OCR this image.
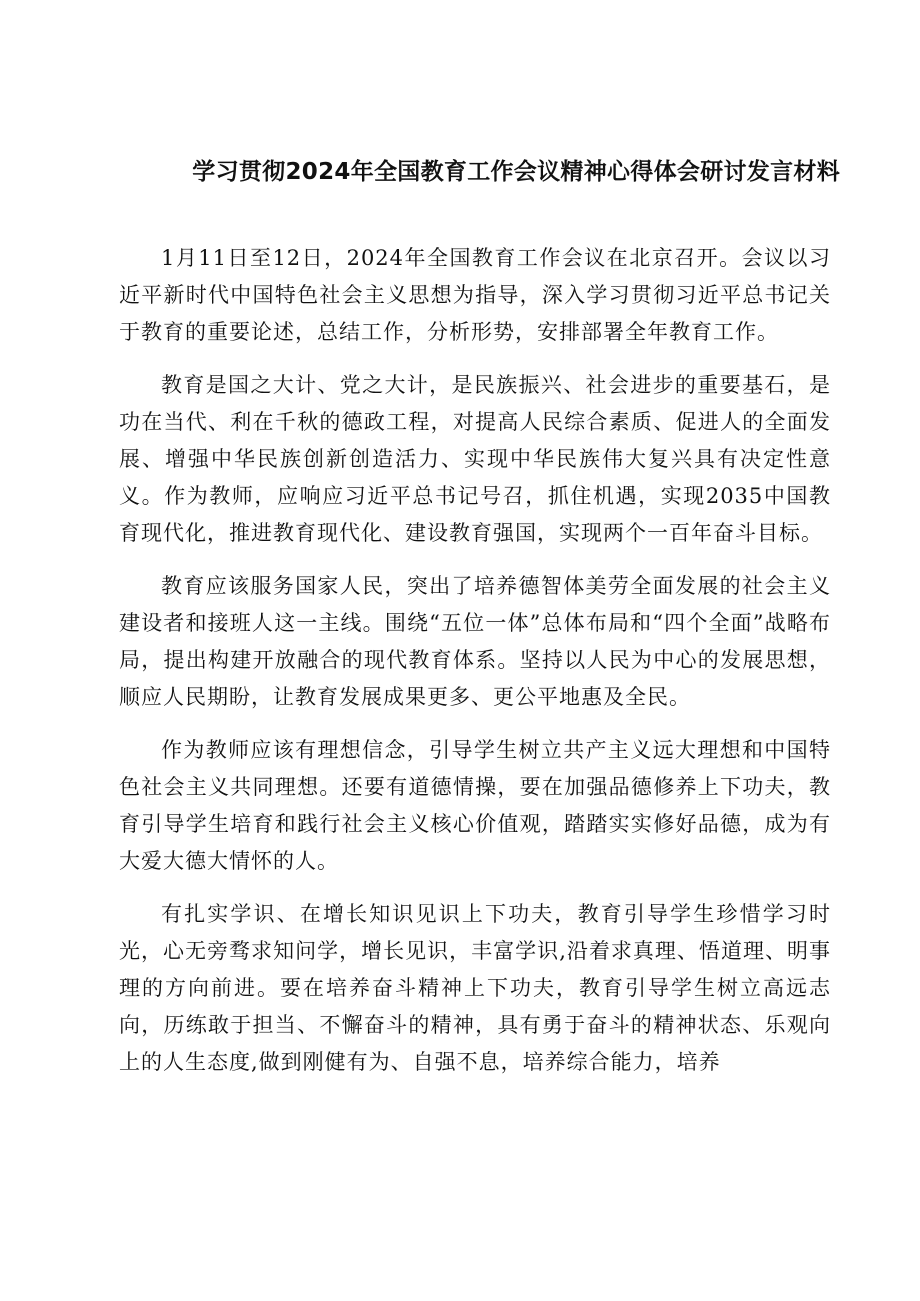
学习贯彻2024年全国教育工作会议精神心得体会研讨发言材料

1月11日至12日，2024年全国教育工作会议在北京召开。会议以习近平新时代中国特色社会主义思想为指导，深入学习贯彻习近平总书记关于教育的重要论述，总结工作，分析形势，安排部署全年教育工作。

教育是国之大计、党之大计，是民族振兴、社会进步的重要基石，是功在当代、利在千秋的德政工程，对提高人民综合素质、促进人的全面发展、增强中华民族创新创造活力、实现中华民族伟大复兴具有决定性意义。作为教师，应响应习近平总书记号召，抓住机遇，实现2035中国教育现代化，推进教育现代化、建设教育强国，实现两个一百年奋斗目标。

教育应该服务国家人民，突出了培养德智体美劳全面发展的社会主义建设者和接班人这一主线。围绕“五位一体”总体布局和“四个全面”战略布局，提出构建开放融合的现代教育体系。坚持以人民为中心的发展思想，顺应人民期盼，让教育发展成果更多、更公平地惠及全民。

作为教师应该有理想信念，引导学生树立共产主义远大理想和中国特色社会主义共同理想。还要有道德情操，要在加强品德修养上下功夫，教育引导学生培育和践行社会主义核心价值观，踏踏实实修好品德，成为有大爱大德大情怀的人。

有扎实学识、在增长知识见识上下功夫，教育引导学生珍惜学习时光，心无旁骛求知问学，增长见识，丰富学识,沿着求真理、悟道理、明事理的方向前进。要在培养奋斗精神上下功夫，教育引导学生树立高远志向，历练敢于担当、不懈奋斗的精神，具有勇于奋斗的精神状态、乐观向上的人生态度,做到刚健有为、自强不息，培养综合能力，培养
